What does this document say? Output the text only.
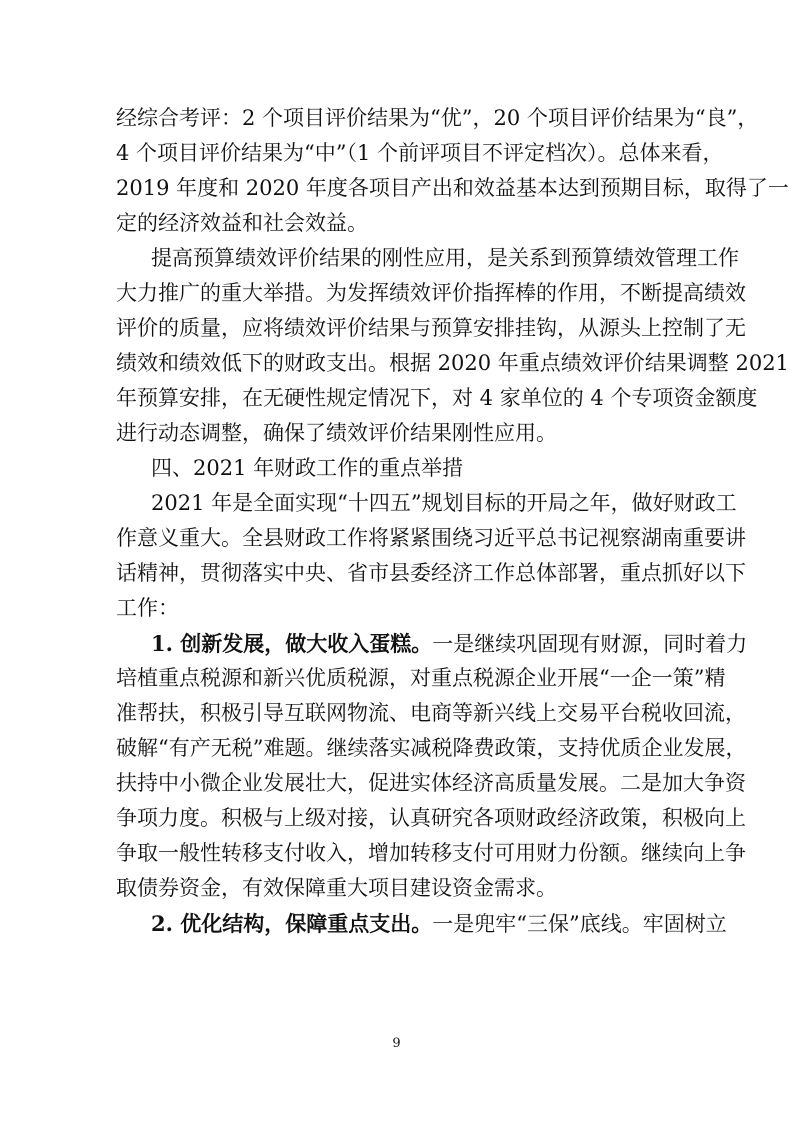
经综合考评：2 个项目评价结果为“优”，20 个项目评价结果为“良”，
4 个项目评价结果为“中”（1 个前评项目不评定档次）。总体来看，
2019 年度和 2020 年度各项目产出和效益基本达到预期目标，取得了一
定的经济效益和社会效益。
提高预算绩效评价结果的刚性应用，是关系到预算绩效管理工作
大力推广的重大举措。为发挥绩效评价指挥棒的作用，不断提高绩效
评价的质量，应将绩效评价结果与预算安排挂钩，从源头上控制了无
绩效和绩效低下的财政支出。根据 2020 年重点绩效评价结果调整 2021
年预算安排，在无硬性规定情况下，对 4 家单位的 4 个专项资金额度
进行动态调整，确保了绩效评价结果刚性应用。
四、2021 年财政工作的重点举措
2021 年是全面实现“十四五”规划目标的开局之年，做好财政工
作意义重大。全县财政工作将紧紧围绕习近平总书记视察湖南重要讲
话精神，贯彻落实中央、省市县委经济工作总体部署，重点抓好以下
工作：
1. 创新发展，做大收入蛋糕。一是继续巩固现有财源，同时着力
培植重点税源和新兴优质税源，对重点税源企业开展“一企一策”精
准帮扶，积极引导互联网物流、电商等新兴线上交易平台税收回流，
破解“有产无税”难题。继续落实减税降费政策，支持优质企业发展，
扶持中小微企业发展壮大，促进实体经济高质量发展。二是加大争资
争项力度。积极与上级对接，认真研究各项财政经济政策，积极向上
争取一般性转移支付收入，增加转移支付可用财力份额。继续向上争
取债券资金，有效保障重大项目建设资金需求。
2. 优化结构，保障重点支出。一是兜牢“三保”底线。牢固树立
9
